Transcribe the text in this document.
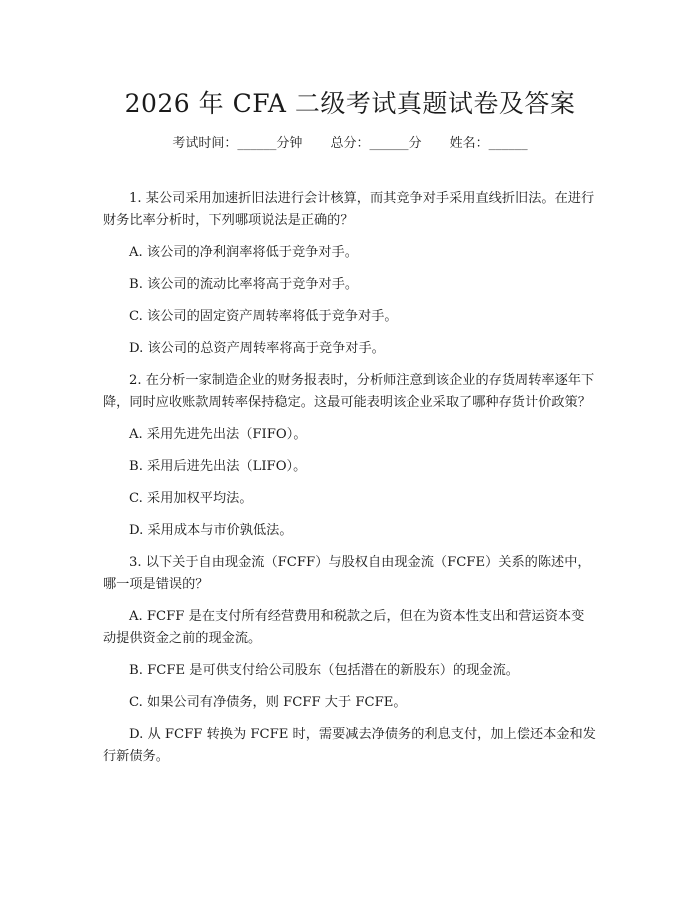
2026 年 CFA 二级考试真题试卷及答案
考试时间：______分钟 总分：______分 姓名：______

1. 某公司采用加速折旧法进行会计核算，而其竞争对手采用直线折旧法。在进行财务比率分析时，下列哪项说法是正确的？

A. 该公司的净利润率将低于竞争对手。

B. 该公司的流动比率将高于竞争对手。

C. 该公司的固定资产周转率将低于竞争对手。

D. 该公司的总资产周转率将高于竞争对手。

2. 在分析一家制造企业的财务报表时，分析师注意到该企业的存货周转率逐年下降，同时应收账款周转率保持稳定。这最可能表明该企业采取了哪种存货计价政策？

A. 采用先进先出法（FIFO）。

B. 采用后进先出法（LIFO）。

C. 采用加权平均法。

D. 采用成本与市价孰低法。

3. 以下关于自由现金流（FCFF）与股权自由现金流（FCFE）关系的陈述中，哪一项是错误的？

A. FCFF 是在支付所有经营费用和税款之后，但在为资本性支出和营运资本变动提供资金之前的现金流。

B. FCFE 是可供支付给公司股东（包括潜在的新股东）的现金流。

C. 如果公司有净债务，则 FCFF 大于 FCFE。

D. 从 FCFF 转换为 FCFE 时，需要减去净债务的利息支付，加上偿还本金和发行新债务。
